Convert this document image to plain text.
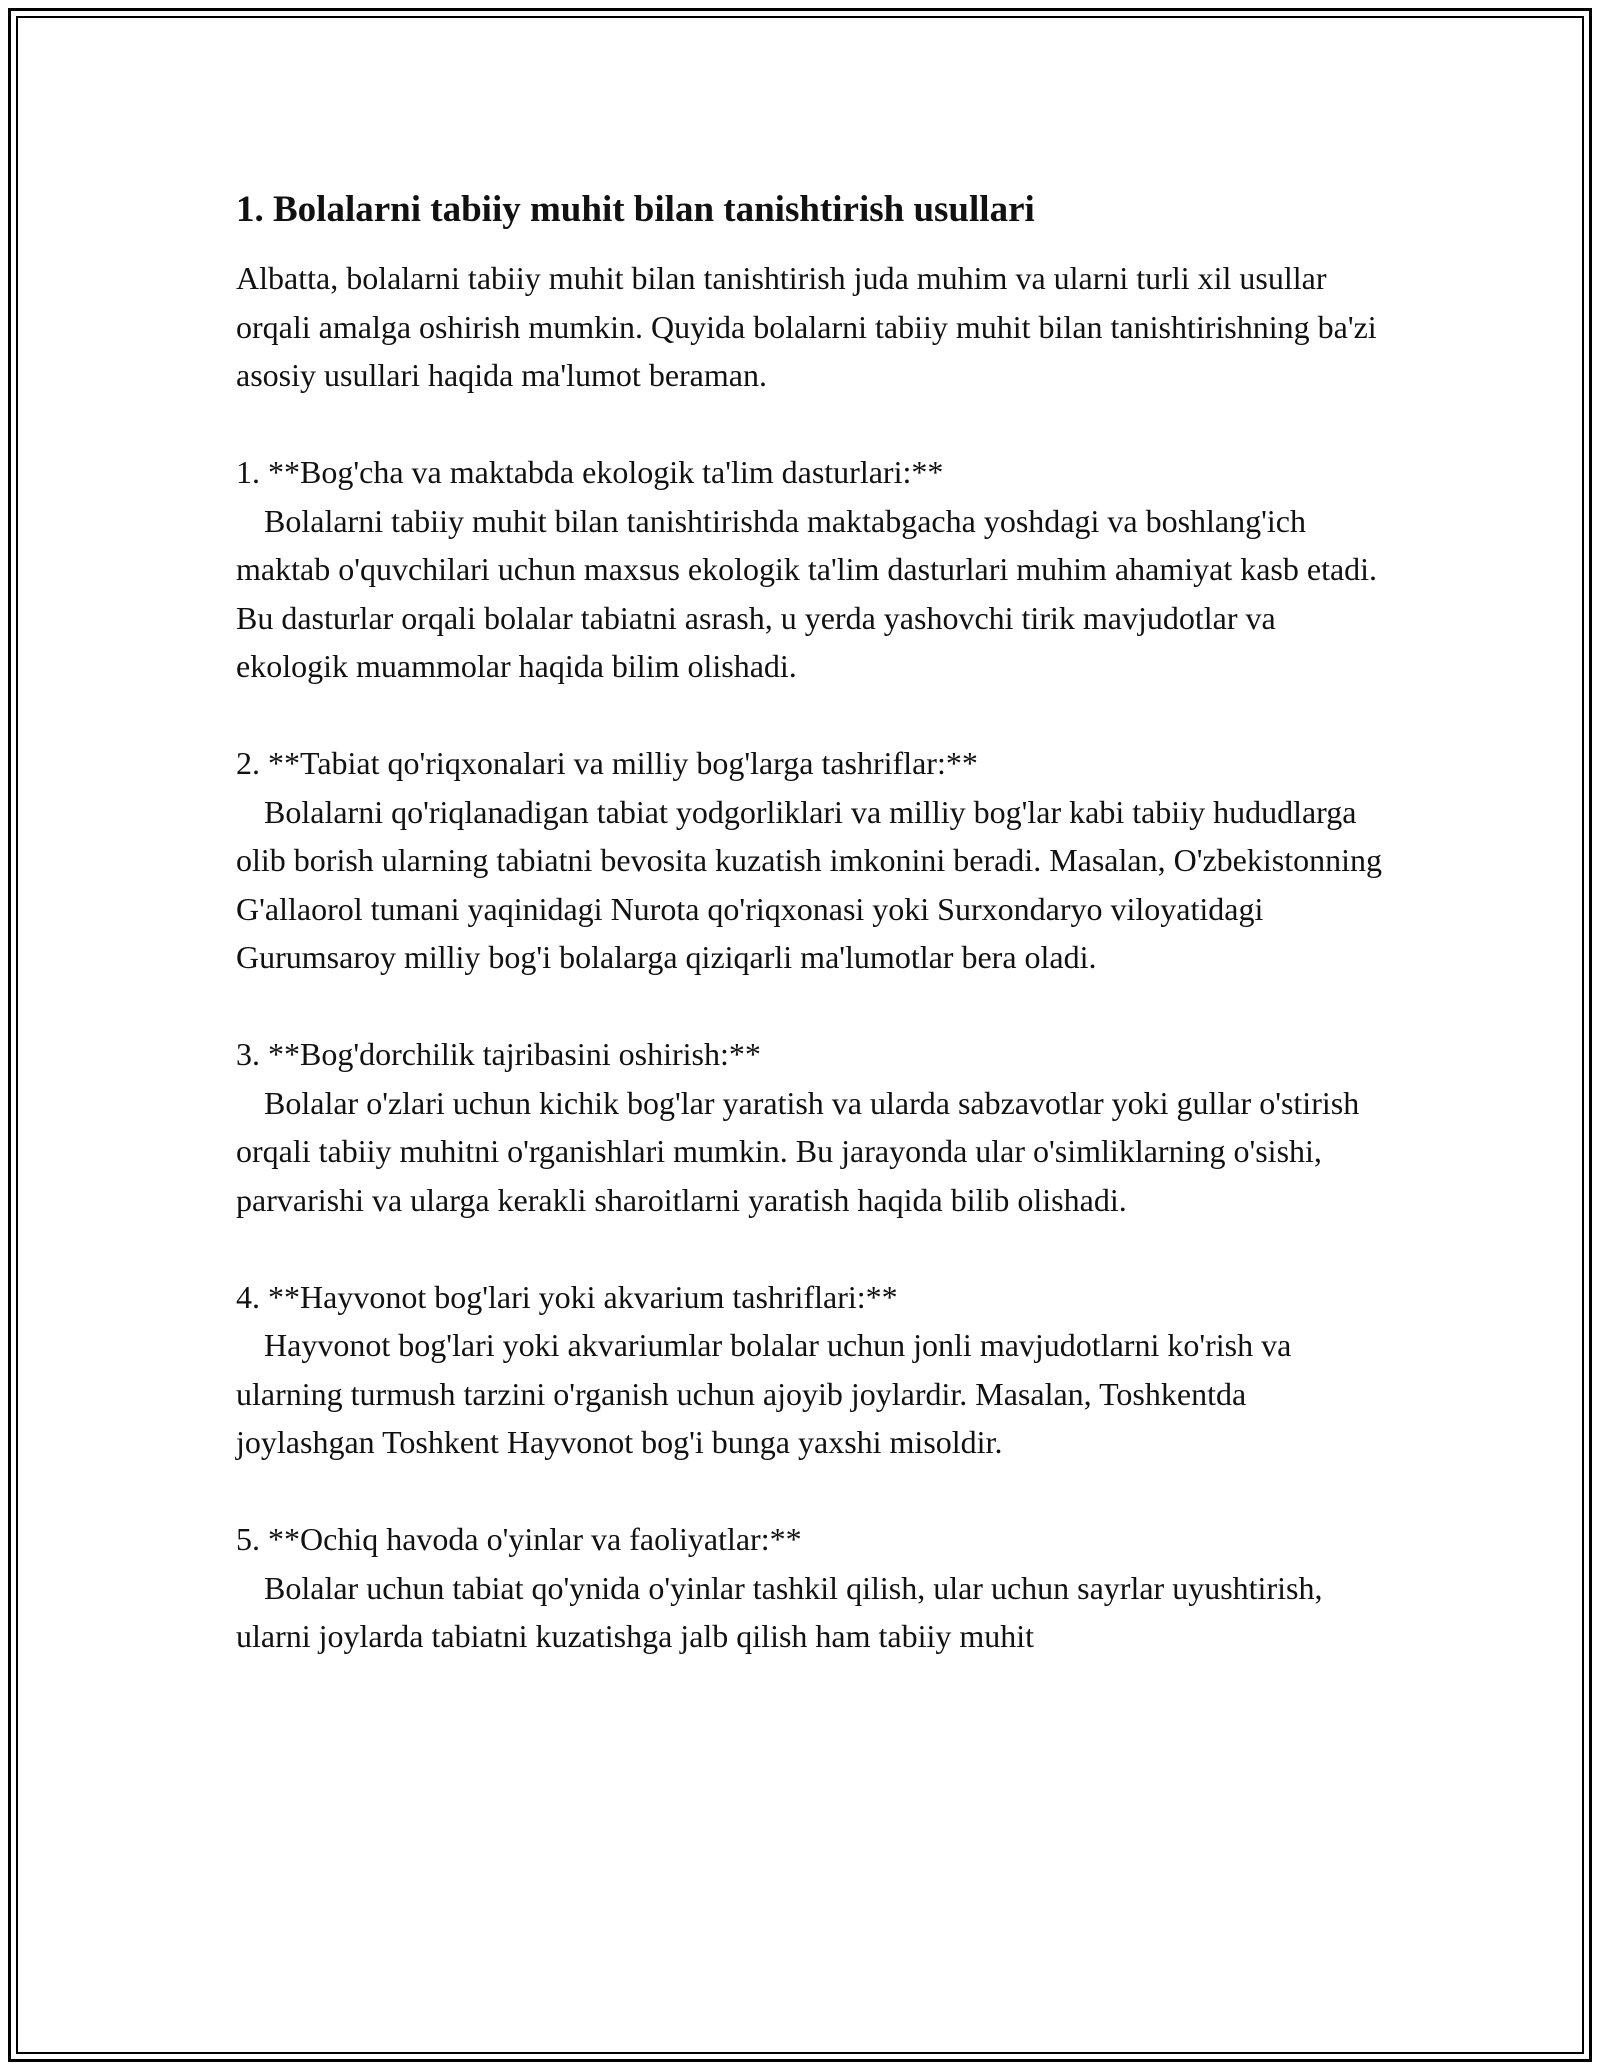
1. Bolalarni tabiiy muhit bilan tanishtirish usullari

Albatta, bolalarni tabiiy muhit bilan tanishtirish juda muhim va ularni turli xil usullar orqali amalga oshirish mumkin. Quyida bolalarni tabiiy muhit bilan tanishtirishning ba'zi asosiy usullari haqida ma'lumot beraman.

1. **Bog'cha va maktabda ekologik ta'lim dasturlari:**

Bolalarni tabiiy muhit bilan tanishtirishda maktabgacha yoshdagi va boshlang'ich maktab o'quvchilari uchun maxsus ekologik ta'lim dasturlari muhim ahamiyat kasb etadi. Bu dasturlar orqali bolalar tabiatni asrash, u yerda yashovchi tirik mavjudotlar va ekologik muammolar haqida bilim olishadi.

2. **Tabiat qo'riqxonalari va milliy bog'larga tashriflar:**

Bolalarni qo'riqlanadigan tabiat yodgorliklari va milliy bog'lar kabi tabiiy hududlarga olib borish ularning tabiatni bevosita kuzatish imkonini beradi. Masalan, O'zbekistonning G'allaorol tumani yaqinidagi Nurota qo'riqxonasi yoki Surxondaryo viloyatidagi Gurumsaroy milliy bog'i bolalarga qiziqarli ma'lumotlar bera oladi.

3. **Bog'dorchilik tajribasini oshirish:**

Bolalar o'zlari uchun kichik bog'lar yaratish va ularda sabzavotlar yoki gullar o'stirish orqali tabiiy muhitni o'rganishlari mumkin. Bu jarayonda ular o'simliklarning o'sishi, parvarishi va ularga kerakli sharoitlarni yaratish haqida bilib olishadi.

4. **Hayvonot bog'lari yoki akvarium tashriflari:**

Hayvonot bog'lari yoki akvariumlar bolalar uchun jonli mavjudotlarni ko'rish va ularning turmush tarzini o'rganish uchun ajoyib joylardir. Masalan, Toshkentda joylashgan Toshkent Hayvonot bog'i bunga yaxshi misoldir.

5. **Ochiq havoda o'yinlar va faoliyatlar:**

Bolalar uchun tabiat qo'ynida o'yinlar tashkil qilish, ular uchun sayrlar uyushtirish, ularni joylarda tabiatni kuzatishga jalb qilish ham tabiiy muhit
